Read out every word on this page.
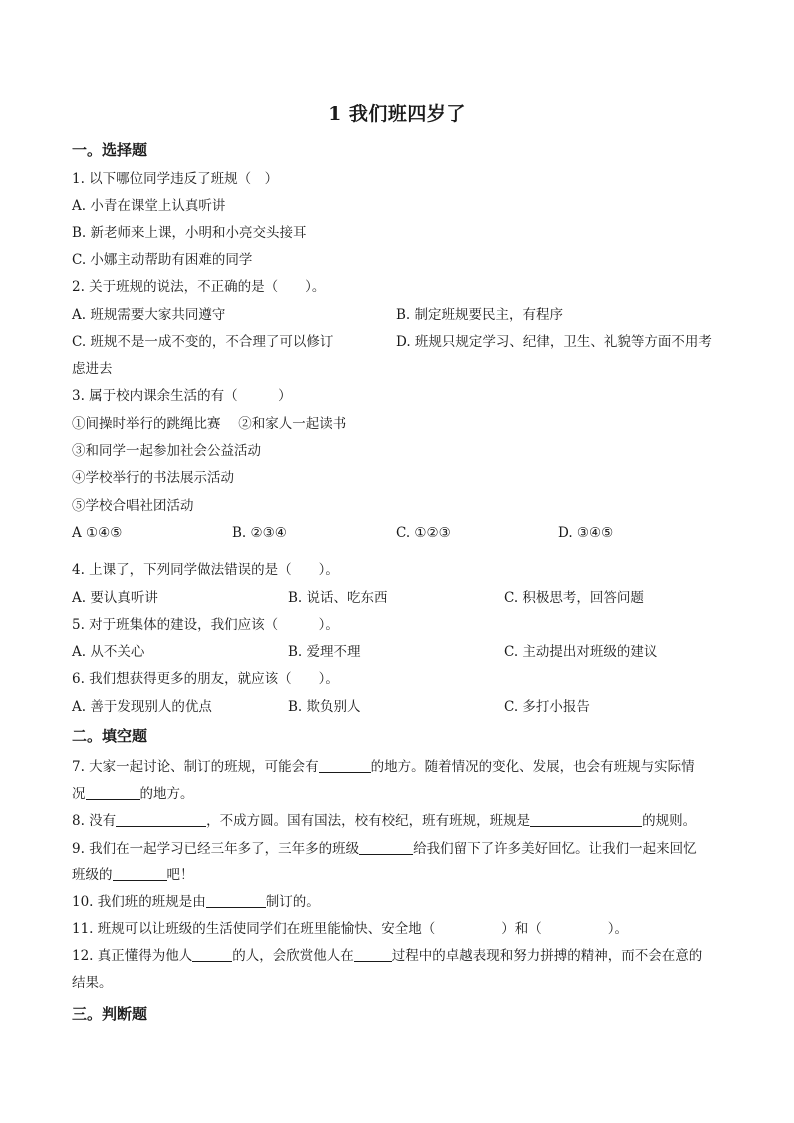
1 我们班四岁了
一。选择题
1. 以下哪位同学违反了班规（　）
A. 小青在课堂上认真听讲
B. 新老师来上课，小明和小亮交头接耳
C. 小娜主动帮助有困难的同学
2. 关于班规的说法，不正确的是（　　）。
A. 班规需要大家共同遵守	B. 制定班规要民主，有程序
C. 班规不是一成不变的，不合理了可以修订	D. 班规只规定学习、纪律，卫生、礼貌等方面不用考
虑进去
3. 属于校内课余生活的有（　　　）
①间操时举行的跳绳比赛　 ②和家人一起读书
③和同学一起参加社会公益活动
④学校举行的书法展示活动
⑤学校合唱社团活动
A ①④⑤	B. ②③④	C. ①②③	D. ③④⑤
4. 上课了，下列同学做法错误的是（　　）。
A. 要认真听讲	B. 说话、吃东西	C. 积极思考，回答问题
5. 对于班集体的建设，我们应该（　　　）。
A. 从不关心	B. 爱理不理	C. 主动提出对班级的建议
6. 我们想获得更多的朋友，就应该（　　）。
A. 善于发现别人的优点	B. 欺负别人	C. 多打小报告
二。填空题
7. 大家一起讨论、制订的班规，可能会有	的地方。随着情况的变化、发展，也会有班规与实际情
况	的地方。
8. 没有	，不成方圆。国有国法，校有校纪，班有班规，班规是	的规则。
9. 我们在一起学习已经三年多了，三年多的班级	给我们留下了许多美好回忆。让我们一起来回忆
班级的	吧！
10. 我们班的班规是由	制订的。
11. 班规可以让班级的生活使同学们在班里能愉快、安全地（	）和（	）。
12. 真正懂得为他人	的人，会欣赏他人在	过程中的卓越表现和努力拼搏的精神，而不会在意的
结果。
三。判断题
